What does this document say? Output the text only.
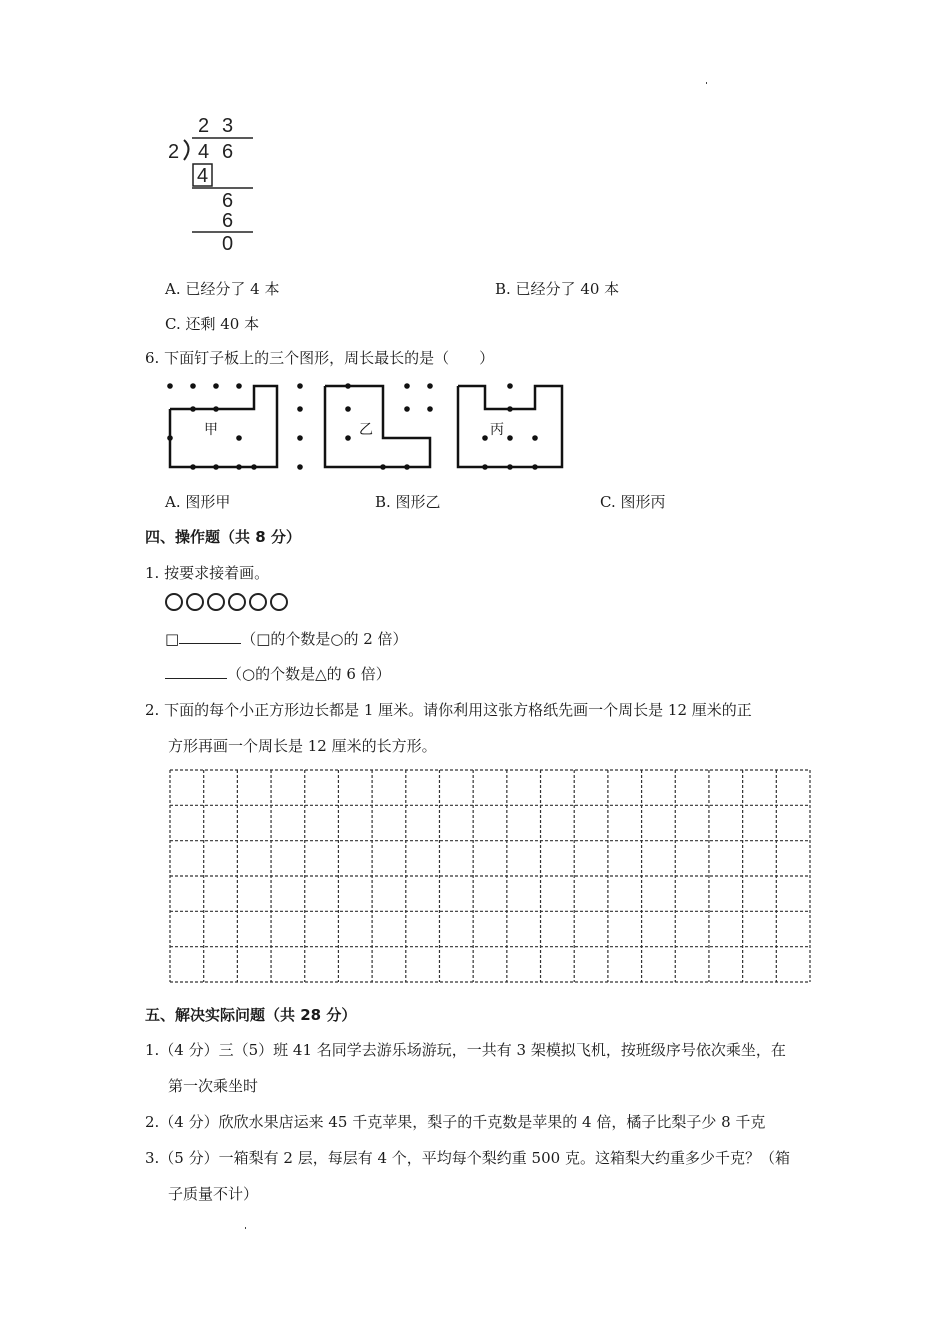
2 3
2 4 6
4
6
6
0
A. 已经分了 4 本	B. 已经分了 40 本
C. 还剩 40 本
6. 下面钉子板上的三个图形，周长最长的是（　　）
甲	乙	丙
A. 图形甲	B. 图形乙	C. 图形丙
四、操作题（共 8 分）
1. 按要求接着画。
□	（□的个数是○的 2 倍）
（○的个数是△的 6 倍）
2. 下面的每个小正方形边长都是 1 厘米。请你利用这张方格纸先画一个周长是 12 厘米的正
方形再画一个周长是 12 厘米的长方形。
五、解决实际问题（共 28 分）
1.（4 分）三（5）班 41 名同学去游乐场游玩，一共有 3 架模拟飞机，按班级序号依次乘坐，在
第一次乘坐时
2.（4 分）欣欣水果店运来 45 千克苹果，梨子的千克数是苹果的 4 倍，橘子比梨子少 8 千克
3.（5 分）一箱梨有 2 层，每层有 4 个，平均每个梨约重 500 克。这箱梨大约重多少千克？（箱
子质量不计）
